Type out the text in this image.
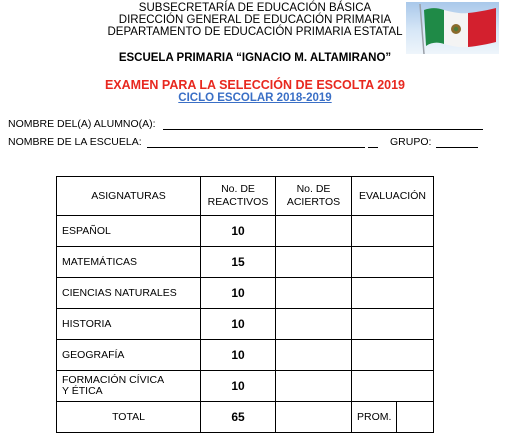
SUBSECRETARÍA DE EDUCACIÓN BÁSICA
DIRECCIÓN GENERAL DE EDUCACIÓN PRIMARIA
DEPARTAMENTO DE EDUCACIÓN PRIMARIA ESTATAL
ESCUELA PRIMARIA “IGNACIO M. ALTAMIRANO”
EXAMEN PARA LA SELECCIÓN DE ESCOLTA 2019
CICLO ESCOLAR 2018-2019
NOMBRE DEL(A) ALUMNO(A):
NOMBRE DE LA ESCUELA:	GRUPO:
ASIGNATURAS	No. DE REACTIVOS	No. DE ACIERTOS	EVALUACIÓN
ESPAÑOL	10		
MATEMÁTICAS	15		
CIENCIAS NATURALES	10		
HISTORIA	10		
GEOGRAFÍA	10		
FORMACIÓN CÍVICA Y ÉTICA	10		
TOTAL	65		PROM.
